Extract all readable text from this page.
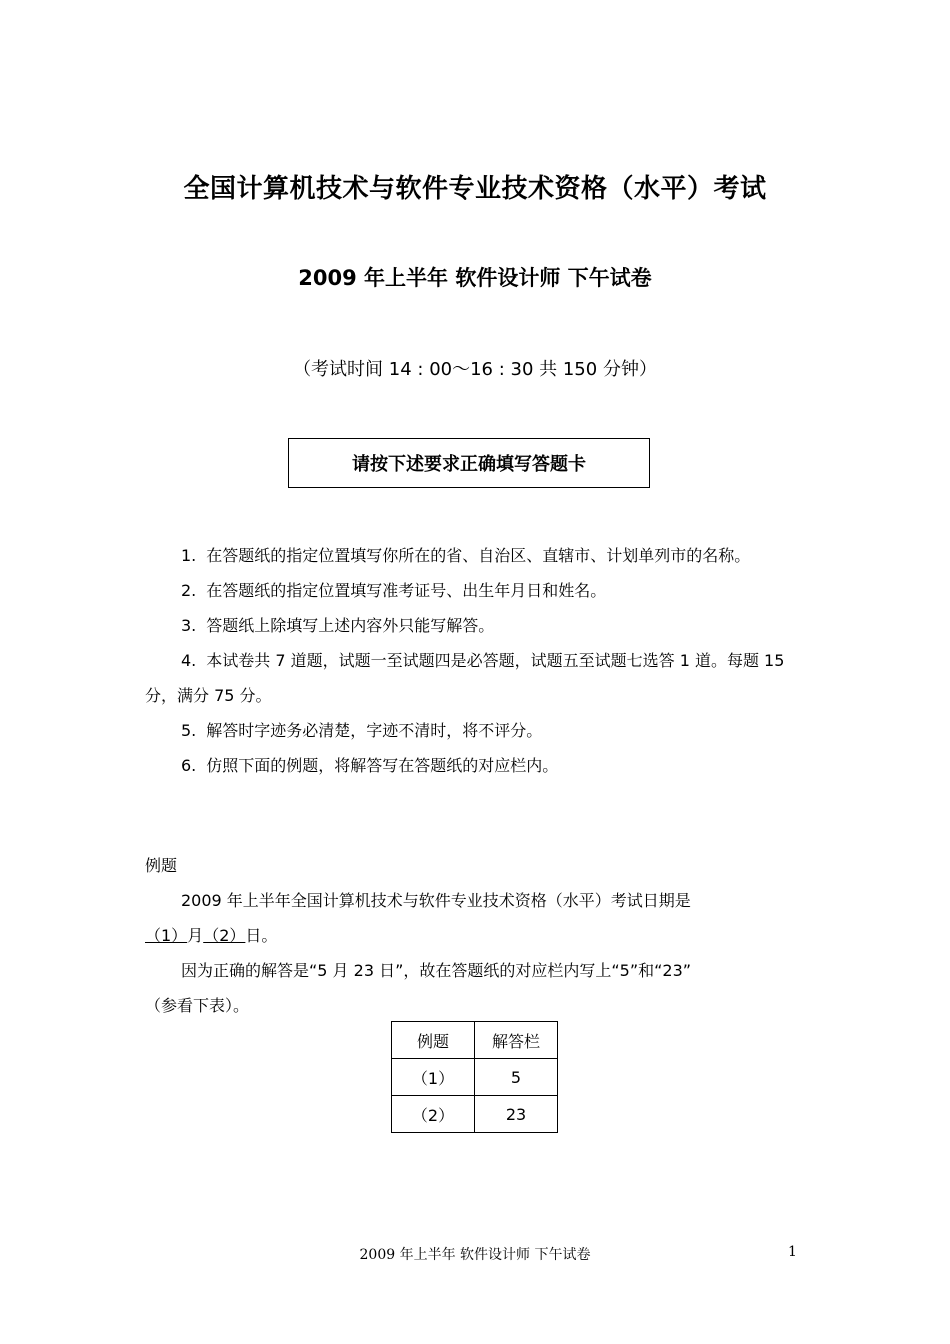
全国计算机技术与软件专业技术资格（水平）考试
2009 年上半年 软件设计师 下午试卷
（考试时间 14 : 00～16 : 30 共 150 分钟）
请按下述要求正确填写答题卡

1. 在答题纸的指定位置填写你所在的省、自治区、直辖市、计划单列市的名称。

2. 在答题纸的指定位置填写准考证号、出生年月日和姓名。

3. 答题纸上除填写上述内容外只能写解答。

4. 本试卷共 7 道题，试题一至试题四是必答题，试题五至试题七选答 1 道。每题 15 分，满分 75 分。

5. 解答时字迹务必清楚，字迹不清时，将不评分。

6. 仿照下面的例题，将解答写在答题纸的对应栏内。

例题

2009 年上半年全国计算机技术与软件专业技术资格（水平）考试日期是

（1）月（2）日。

因为正确的解答是“5 月 23 日”，故在答题纸的对应栏内写上“5”和“23”

（参看下表）。

例题	解答栏
（1）	5
（2）	23
2009 年上半年 软件设计师 下午试卷	1
